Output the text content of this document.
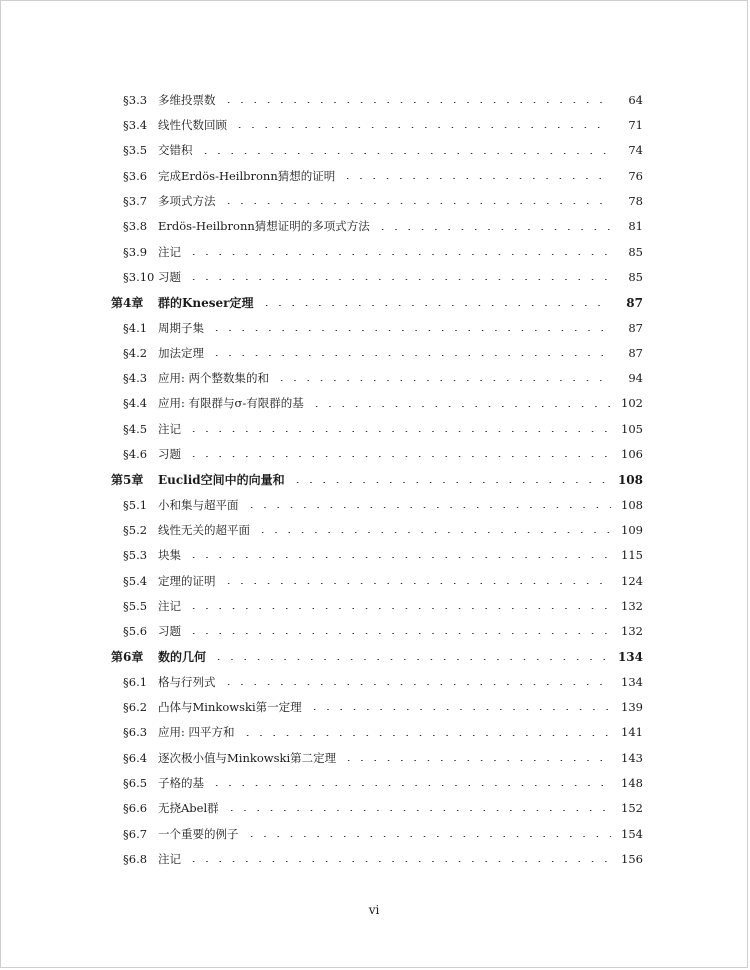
§3.3 多维投票数	64
§3.4 线性代数回顾	71
§3.5 交错积	74
§3.6 完成Erdös-Heilbronn猜想的证明	76
§3.7 多项式方法	78
§3.8 Erdös-Heilbronn猜想证明的多项式方法	81
§3.9 注记	85
§3.10 习题	85
第4章	群的Kneser定理	87
§4.1 周期子集	87
§4.2 加法定理	87
§4.3 应用: 两个整数集的和	94
§4.4 应用: 有限群与σ-有限群的基	102
§4.5 注记	105
§4.6 习题	106
第5章	Euclid空间中的向量和	108
§5.1 小和集与超平面	108
§5.2 线性无关的超平面	109
§5.3 块集	115
§5.4 定理的证明	124
§5.5 注记	132
§5.6 习题	132
第6章	数的几何	134
§6.1 格与行列式	134
§6.2 凸体与Minkowski第一定理	139
§6.3 应用: 四平方和	141
§6.4 逐次极小值与Minkowski第二定理	143
§6.5 子格的基	148
§6.6 无挠Abel群	152
§6.7 一个重要的例子	154
§6.8 注记	156
vi
